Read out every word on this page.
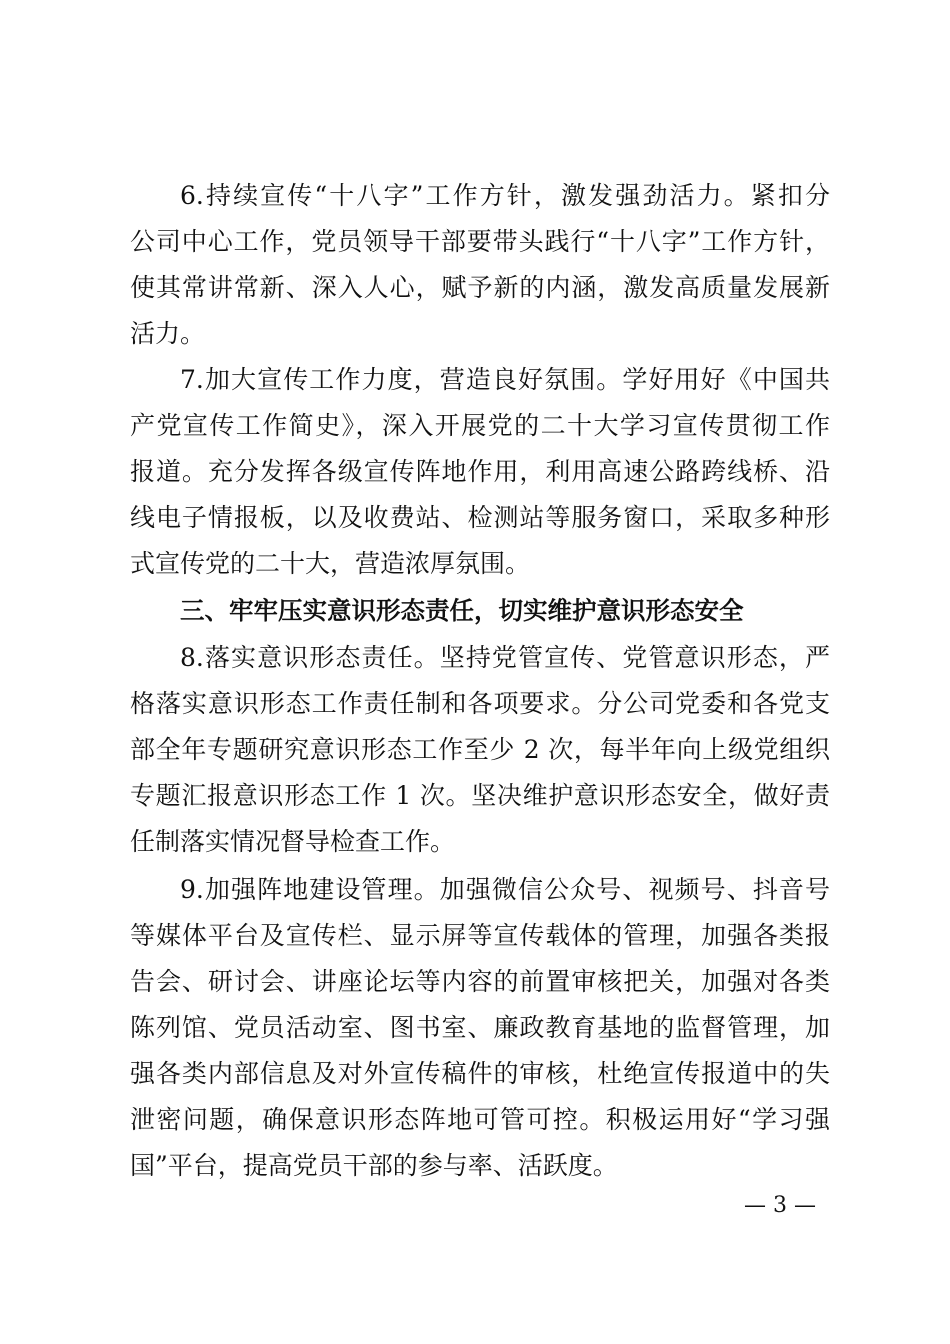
6.持续宣传“十八字”工作方针，激发强劲活力。紧扣分
公司中心工作，党员领导干部要带头践行“十八字”工作方针，
使其常讲常新、深入人心，赋予新的内涵，激发高质量发展新
活力。
7.加大宣传工作力度，营造良好氛围。学好用好《中国共
产党宣传工作简史》，深入开展党的二十大学习宣传贯彻工作
报道。充分发挥各级宣传阵地作用，利用高速公路跨线桥、沿
线电子情报板，以及收费站、检测站等服务窗口，采取多种形
式宣传党的二十大，营造浓厚氛围。
三、牢牢压实意识形态责任，切实维护意识形态安全
8.落实意识形态责任。坚持党管宣传、党管意识形态，严
格落实意识形态工作责任制和各项要求。分公司党委和各党支
部全年专题研究意识形态工作至少 2 次，每半年向上级党组织
专题汇报意识形态工作 1 次。坚决维护意识形态安全，做好责
任制落实情况督导检查工作。
9.加强阵地建设管理。加强微信公众号、视频号、抖音号
等媒体平台及宣传栏、显示屏等宣传载体的管理，加强各类报
告会、研讨会、讲座论坛等内容的前置审核把关，加强对各类
陈列馆、党员活动室、图书室、廉政教育基地的监督管理，加
强各类内部信息及对外宣传稿件的审核，杜绝宣传报道中的失
泄密问题，确保意识形态阵地可管可控。积极运用好“学习强
国”平台，提高党员干部的参与率、活跃度。
— 3 —
